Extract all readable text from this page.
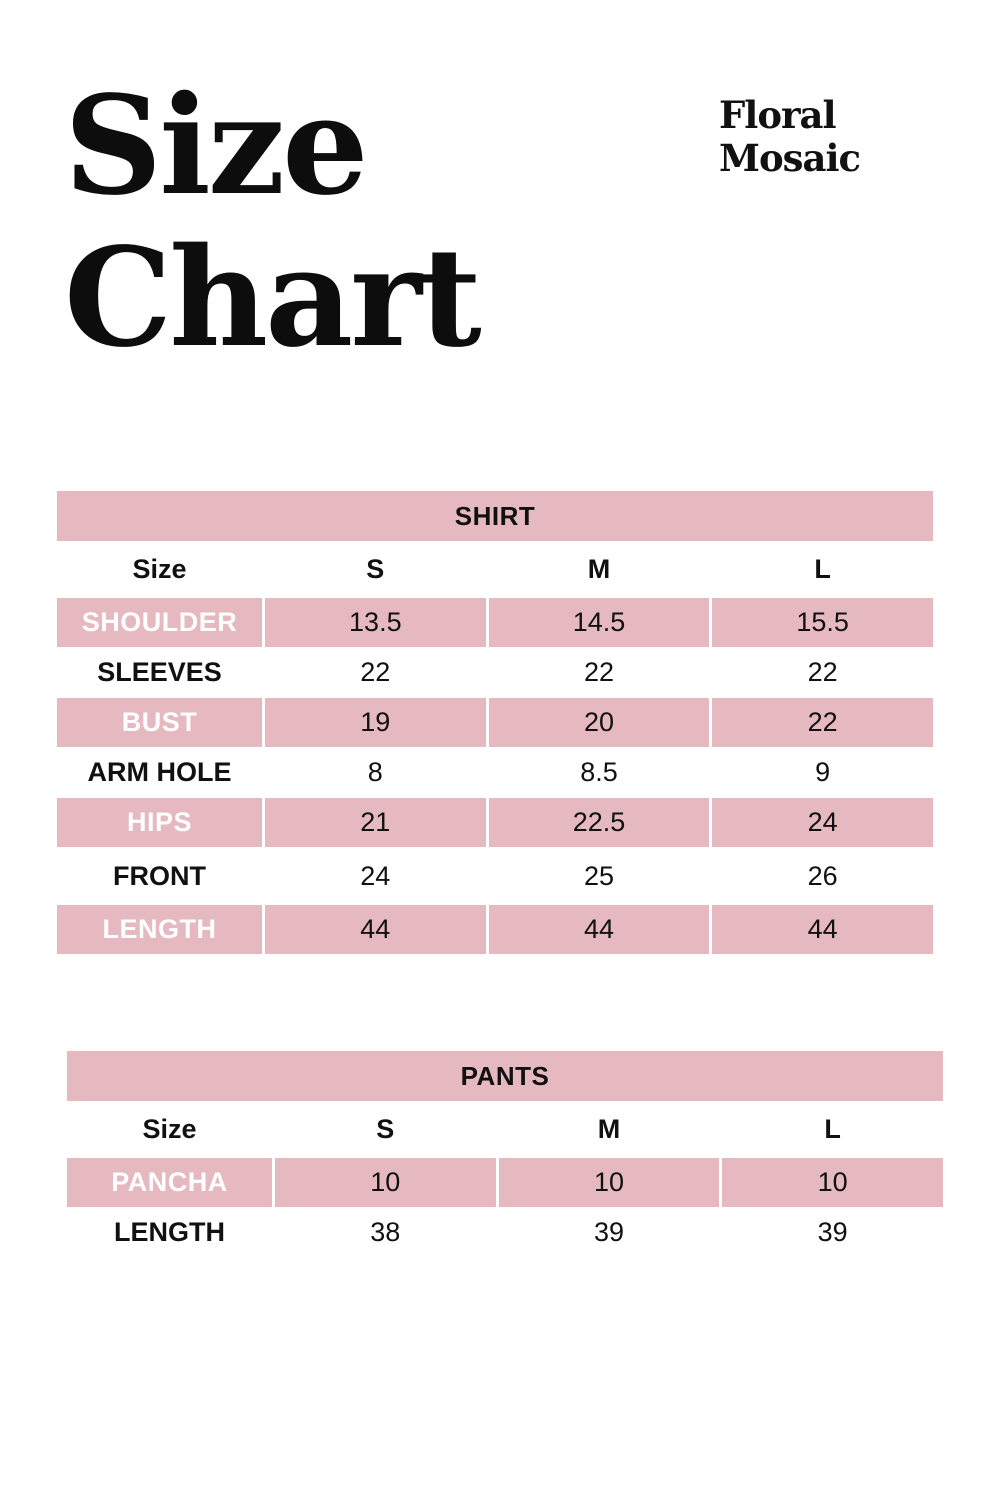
Size
Chart
Floral
Mosaic
SHIRT
Size	S	M	L
SHOULDER	13.5	14.5	15.5
SLEEVES	22	22	22
BUST	19	20	22
ARM HOLE	8	8.5	9
HIPS	21	22.5	24
FRONT	24	25	26
LENGTH	44	44	44
PANTS
Size	S	M	L
PANCHA	10	10	10
LENGTH	38	39	39
